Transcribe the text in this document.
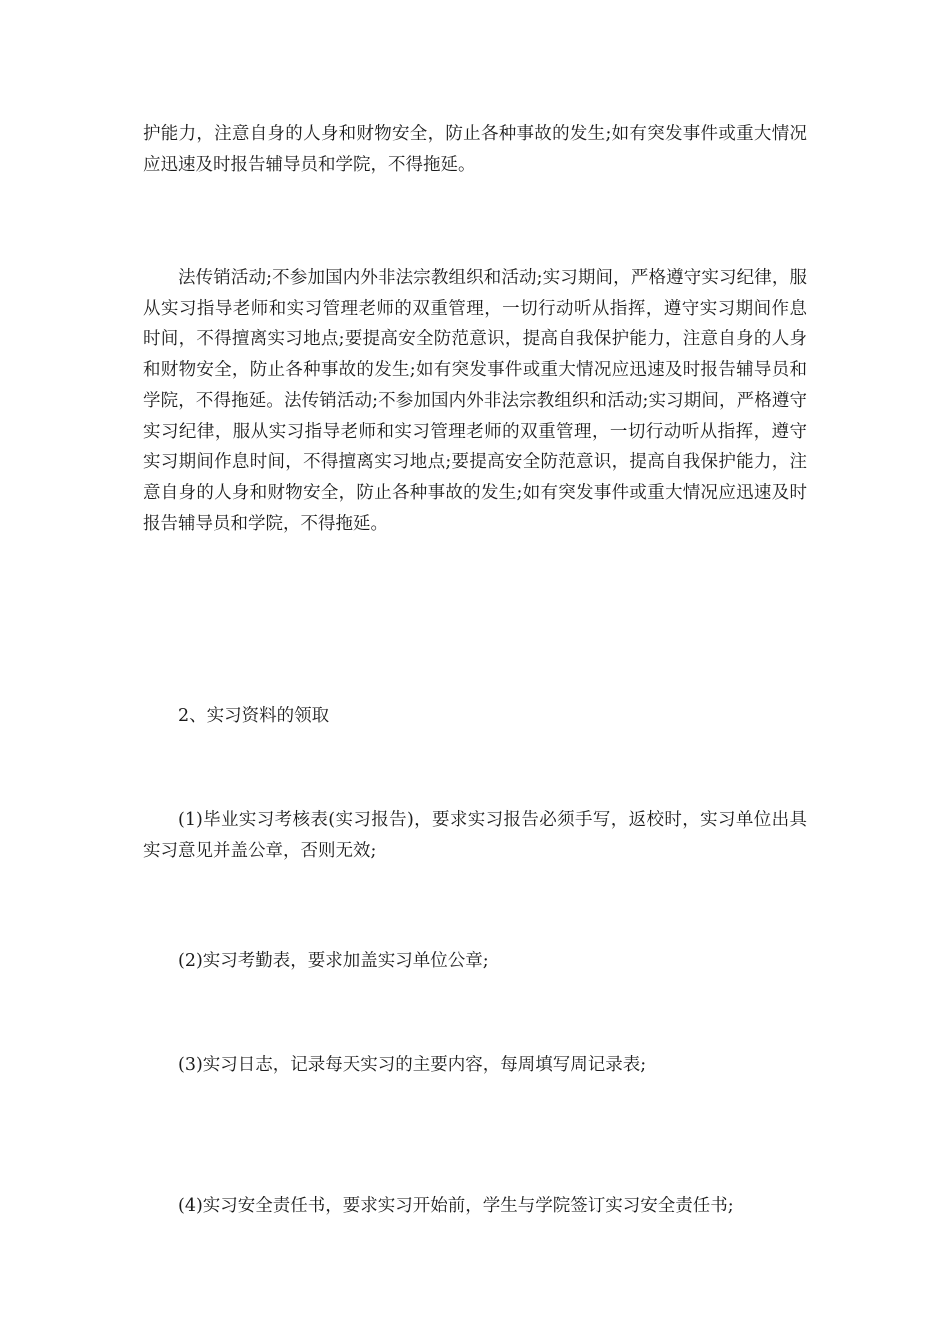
护能力，注意自身的人身和财物安全，防止各种事故的发生;如有突发事件或重大情况应迅速及时报告辅导员和学院，不得拖延。

法传销活动;不参加国内外非法宗教组织和活动;实习期间，严格遵守实习纪律，服从实习指导老师和实习管理老师的双重管理，一切行动听从指挥，遵守实习期间作息时间，不得擅离实习地点;要提高安全防范意识，提高自我保护能力，注意自身的人身和财物安全，防止各种事故的发生;如有突发事件或重大情况应迅速及时报告辅导员和学院，不得拖延。法传销活动;不参加国内外非法宗教组织和活动;实习期间，严格遵守实习纪律，服从实习指导老师和实习管理老师的双重管理，一切行动听从指挥，遵守实习期间作息时间，不得擅离实习地点;要提高安全防范意识，提高自我保护能力，注意自身的人身和财物安全，防止各种事故的发生;如有突发事件或重大情况应迅速及时报告辅导员和学院，不得拖延。

2、实习资料的领取

(1)毕业实习考核表(实习报告)，要求实习报告必须手写，返校时，实习单位出具实习意见并盖公章，否则无效;

(2)实习考勤表，要求加盖实习单位公章;

(3)实习日志，记录每天实习的主要内容，每周填写周记录表;

(4)实习安全责任书，要求实习开始前，学生与学院签订实习安全责任书;
